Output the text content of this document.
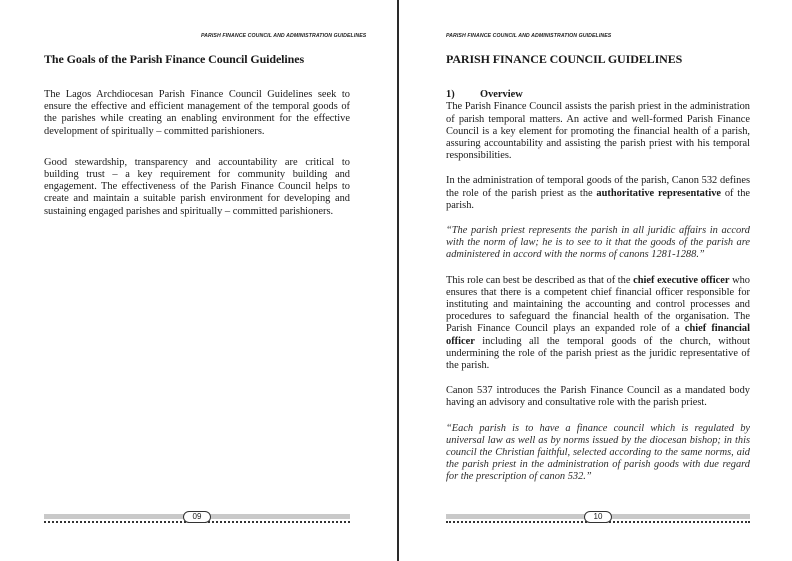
PARISH FINANCE COUNCIL AND ADMINISTRATION GUIDELINES
The Goals of the Parish Finance Council Guidelines

The Lagos Archdiocesan Parish Finance Council Guidelines seek to ensure the effective and efficient management of the temporal goods of the parishes while creating an enabling environment for the effective development of spiritually – committed parishioners.

Good stewardship, transparency and accountability are critical to building trust – a key requirement for community building and engagement. The effectiveness of the Parish Finance Council helps to create and maintain a suitable parish environment for developing and sustaining engaged parishes and spiritually – committed parishioners.

09
PARISH FINANCE COUNCIL AND ADMINISTRATION GUIDELINES
PARISH FINANCE COUNCIL GUIDELINES
1) Overview

The Parish Finance Council assists the parish priest in the administration of parish temporal matters. An active and well-formed Parish Finance Council is a key element for promoting the financial health of a parish, assuring accountability and assisting the parish priest with his temporal responsibilities.

In the administration of temporal goods of the parish, Canon 532 defines the role of the parish priest as the authoritative representative of the parish.

“The parish priest represents the parish in all juridic affairs in accord with the norm of law; he is to see to it that the goods of the parish are administered in accord with the norms of canons 1281-1288.”

This role can best be described as that of the chief executive officer who ensures that there is a competent chief financial officer responsible for instituting and maintaining the accounting and control processes and procedures to safeguard the financial health of the organisation. The Parish Finance Council plays an expanded role of a chief financial officer including all the temporal goods of the church, without undermining the role of the parish priest as the juridic representative of the parish.

Canon 537 introduces the Parish Finance Council as a mandated body having an advisory and consultative role with the parish priest.

“Each parish is to have a finance council which is regulated by universal law as well as by norms issued by the diocesan bishop; in this council the Christian faithful, selected according to the same norms, aid the parish priest in the administration of parish goods with due regard for the prescription of canon 532.”

10
